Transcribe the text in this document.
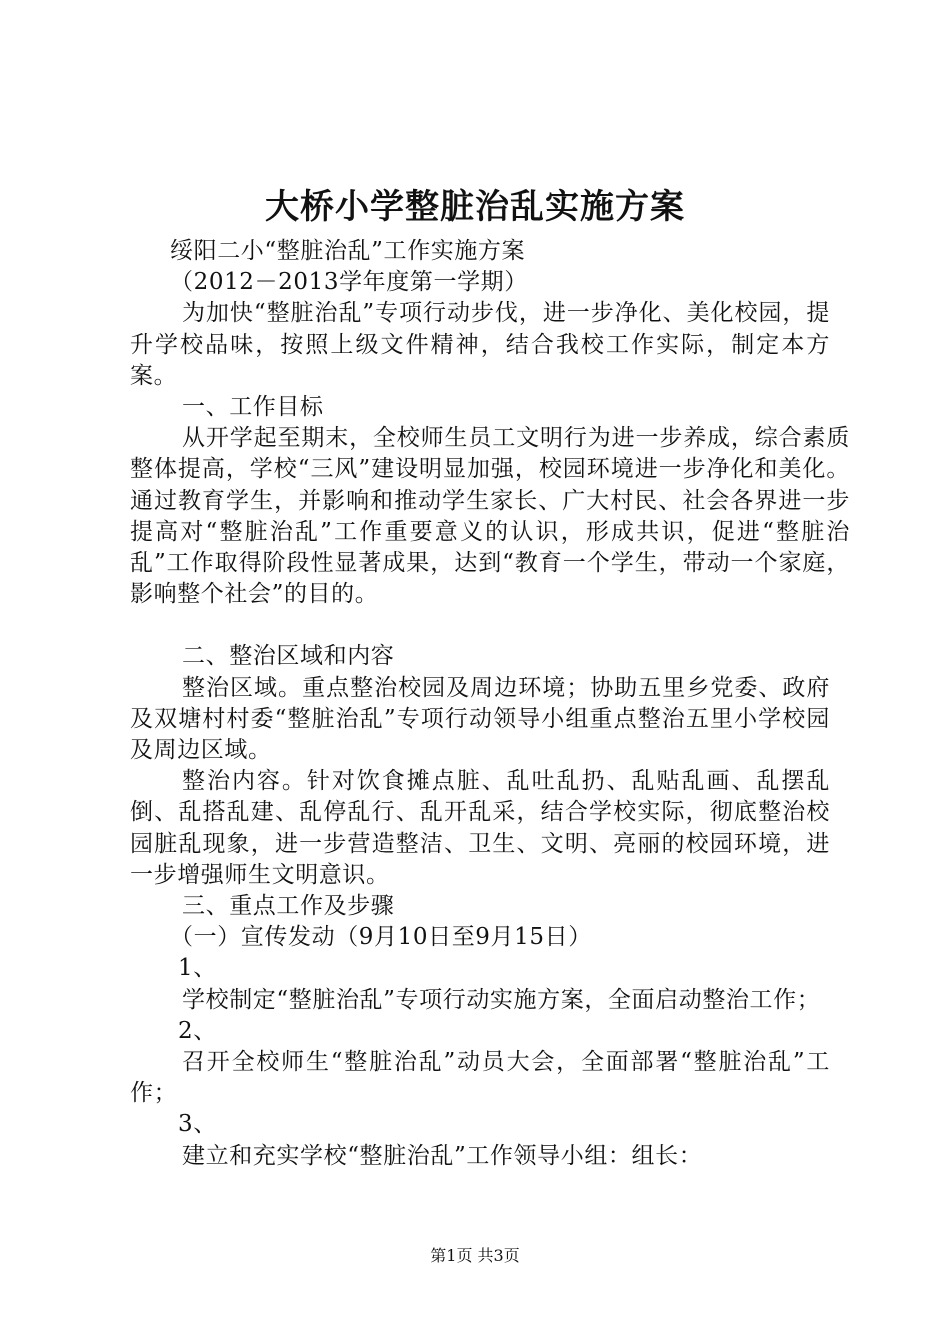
大桥小学整脏治乱实施方案

绥阳二小“整脏治乱”工作实施方案

（2012－2013学年度第一学期）

为加快“整脏治乱”专项行动步伐，进一步净化、美化校园，提升学校品味，按照上级文件精神，结合我校工作实际，制定本方案。

一、工作目标

从开学起至期末，全校师生员工文明行为进一步养成，综合素质整体提高，学校“三风”建设明显加强，校园环境进一步净化和美化。通过教育学生，并影响和推动学生家长、广大村民、社会各界进一步提高对“整脏治乱”工作重要意义的认识，形成共识，促进“整脏治乱”工作取得阶段性显著成果，达到“教育一个学生，带动一个家庭，影响整个社会”的目的。

二、整治区域和内容

整治区域。重点整治校园及周边环境；协助五里乡党委、政府及双塘村村委“整脏治乱”专项行动领导小组重点整治五里小学校园及周边区域。

整治内容。针对饮食摊点脏、乱吐乱扔、乱贴乱画、乱摆乱倒、乱搭乱建、乱停乱行、乱开乱采，结合学校实际，彻底整治校园脏乱现象，进一步营造整洁、卫生、文明、亮丽的校园环境，进一步增强师生文明意识。

三、重点工作及步骤

（一）宣传发动（9月10日至9月15日）

1、

学校制定“整脏治乱”专项行动实施方案，全面启动整治工作；

2、

召开全校师生“整脏治乱”动员大会，全面部署“整脏治乱”工作；

3、

建立和充实学校“整脏治乱”工作领导小组：组长：

第1页 共3页
